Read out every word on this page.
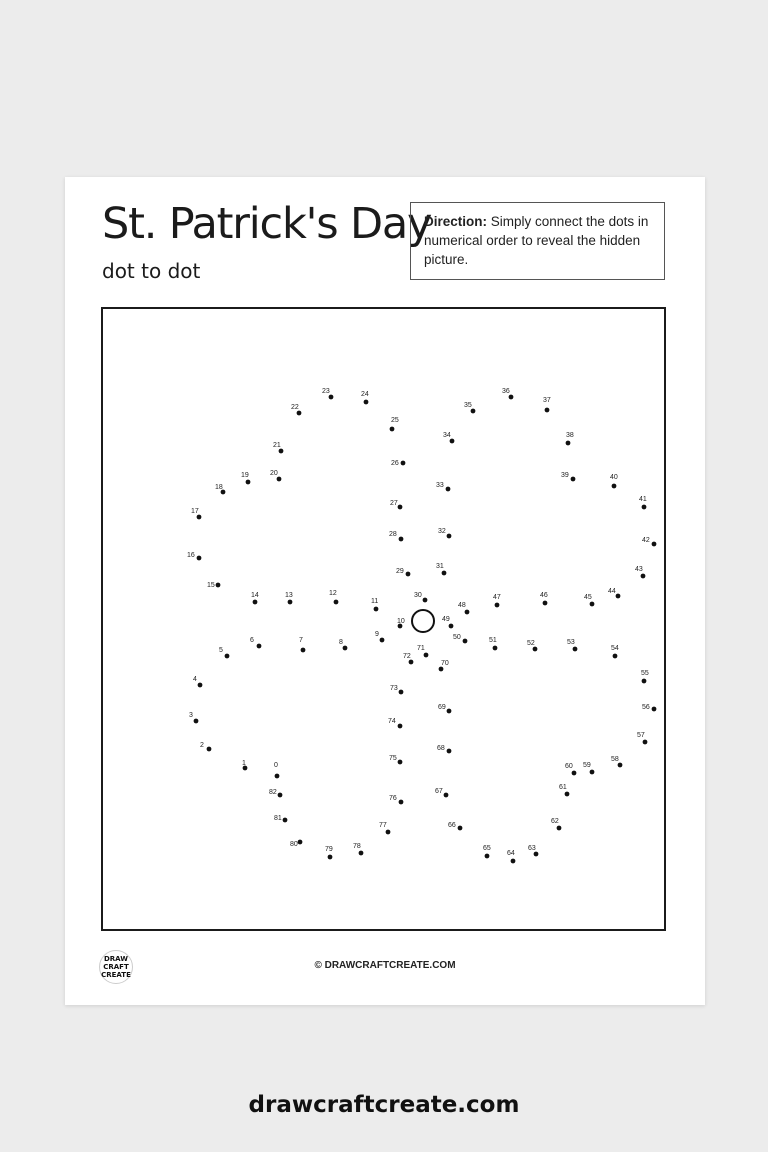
St. Patrick's Day
dot to dot
Direction: Simply connect the dots in numerical order to reveal the hidden picture.
0
1
2
3
4
5
6	7	8
9
10
11
12
13
14
15
16
17
18
19	20
21
22
23	24
25
26
27
28
29
30
31
32
33
34
35
36
37
38
39	40
41
42
43
44
45
46
47
48
49
50	51	52	53
54
55
56
57
58
59
60
61
62
63
64
65
66
67
68
69
70
71
72
73
74
75
76
77
78
79
80
81
82
DRAW CRAFT CREATE
© DRAWCRAFTCREATE.COM
drawcraftcreate.com
